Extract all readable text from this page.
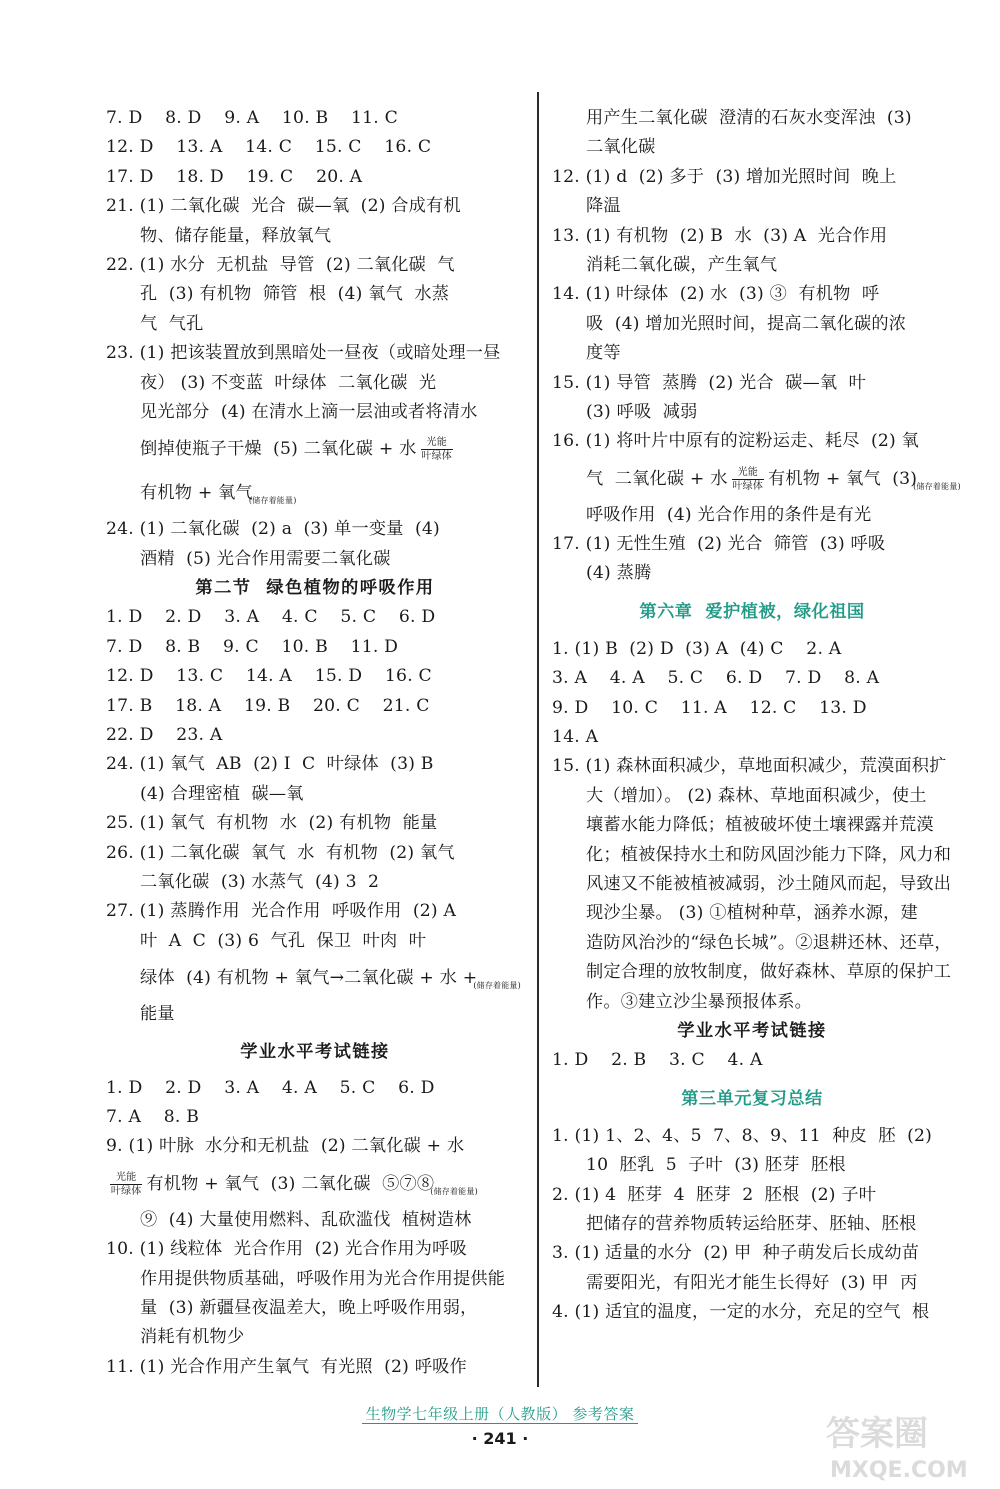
7. D    8. D    9. A    10. B    11. C
12. D    13. A    14. C    15. C    16. C
17. D    18. D    19. C    20. A
21. (1) 二氧化碳  光合  碳—氧  (2) 合成有机
物、储存能量，释放氧气
22. (1) 水分  无机盐  导管  (2) 二氧化碳  气
孔  (3) 有机物  筛管  根  (4) 氧气  水蒸
气  气孔
23. (1) 把该装置放到黑暗处一昼夜（或暗处理一昼
夜） (3) 不变蓝  叶绿体  二氧化碳  光
见光部分  (4) 在清水上滴一层油或者将清水
倒掉使瓶子干燥  (5) 二氧化碳 + 水 $\frac{\text{光能}}{\text{叶绿体}}$
有机物 + 氧气$_{(储存着能量)}$
24. (1) 二氧化碳  (2) a  (3) 单一变量  (4)
酒精  (5) 光合作用需要二氧化碳
第二节  绿色植物的呼吸作用
1. D    2. D    3. A    4. C    5. C    6. D
7. D    8. B    9. C    10. B    11. D
12. D    13. C    14. A    15. D    16. C
17. B    18. A    19. B    20. C    21. C
22. D    23. A
24. (1) 氧气  AB  (2) Ⅰ  C  叶绿体  (3) B
(4) 合理密植  碳—氧
25. (1) 氧气  有机物  水  (2) 有机物  能量
26. (1) 二氧化碳  氧气  水  有机物  (2) 氧气
二氧化碳  (3) 水蒸气  (4) 3  2
27. (1) 蒸腾作用  光合作用  呼吸作用  (2) A
叶  A  C  (3) 6  气孔  保卫  叶肉  叶
绿体  (4) 有机物 + 氧气→二氧化碳 + 水 $+_{(储存着能量)}$
能量
学业水平考试链接
1. D    2. D    3. A    4. A    5. C    6. D
7. A    8. B
9. (1) 叶脉  水分和无机盐  (2) 二氧化碳 + 水
$\frac{\text{光能}}{\text{叶绿体}}$ 有机物 + 氧气  (3) 二氧化碳  $⑤⑦⑧_{(储存着能量)}$
⑨  (4) 大量使用燃料、乱砍滥伐  植树造林
10. (1) 线粒体  光合作用  (2) 光合作用为呼吸
作用提供物质基础，呼吸作用为光合作用提供能
量  (3) 新疆昼夜温差大，晚上呼吸作用弱，
消耗有机物少
11. (1) 光合作用产生氧气  有光照  (2) 呼吸作
用产生二氧化碳  澄清的石灰水变浑浊  (3)
二氧化碳
12. (1) d  (2) 多于  (3) 增加光照时间  晚上
降温
13. (1) 有机物  (2) B  水  (3) A  光合作用
消耗二氧化碳，产生氧气
14. (1) 叶绿体  (2) 水  (3) ③  有机物  呼
吸  (4) 增加光照时间，提高二氧化碳的浓
度等
15. (1) 导管  蒸腾  (2) 光合  碳—氧  叶
(3) 呼吸  减弱
16. (1) 将叶片中原有的淀粉运走、耗尽  (2) 氧
气  二氧化碳 + 水 $\frac{\text{光能}}{\text{叶绿体}}$ 有机物 + 氧气  $(3)_{(储存着能量)}$
呼吸作用  (4) 光合作用的条件是有光
17. (1) 无性生殖  (2) 光合  筛管  (3) 呼吸
(4) 蒸腾
第六章  爱护植被，绿化祖国
1. (1) B  (2) D  (3) A  (4) C    2. A
3. A    4. A    5. C    6. D    7. D    8. A
9. D    10. C    11. A    12. C    13. D
14. A
15. (1) 森林面积减少，草地面积减少，荒漠面积扩
大（增加）。 (2) 森林、草地面积减少，使土
壤蓄水能力降低；植被破坏使土壤裸露并荒漠
化；植被保持水土和防风固沙能力下降，风力和
风速又不能被植被减弱，沙土随风而起，导致出
现沙尘暴。 (3) ①植树种草，涵养水源，建
造防风治沙的“绿色长城”。②退耕还林、还草，
制定合理的放牧制度，做好森林、草原的保护工
作。③建立沙尘暴预报体系。
学业水平考试链接
1. D    2. B    3. C    4. A
第三单元复习总结
1. (1) 1、2、4、5  7、8、9、11  种皮  胚  (2)
10  胚乳  5  子叶  (3) 胚芽  胚根
2. (1) 4  胚芽  4  胚芽  2  胚根  (2) 子叶
把储存的营养物质转运给胚芽、胚轴、胚根
3. (1) 适量的水分  (2) 甲  种子萌发后长成幼苗
需要阳光，有阳光才能生长得好  (3) 甲  丙
4. (1) 适宜的温度，一定的水分，充足的空气  根
生物学七年级上册（人教版） 参考答案
· 241 ·	答案圈
MXQE.COM
